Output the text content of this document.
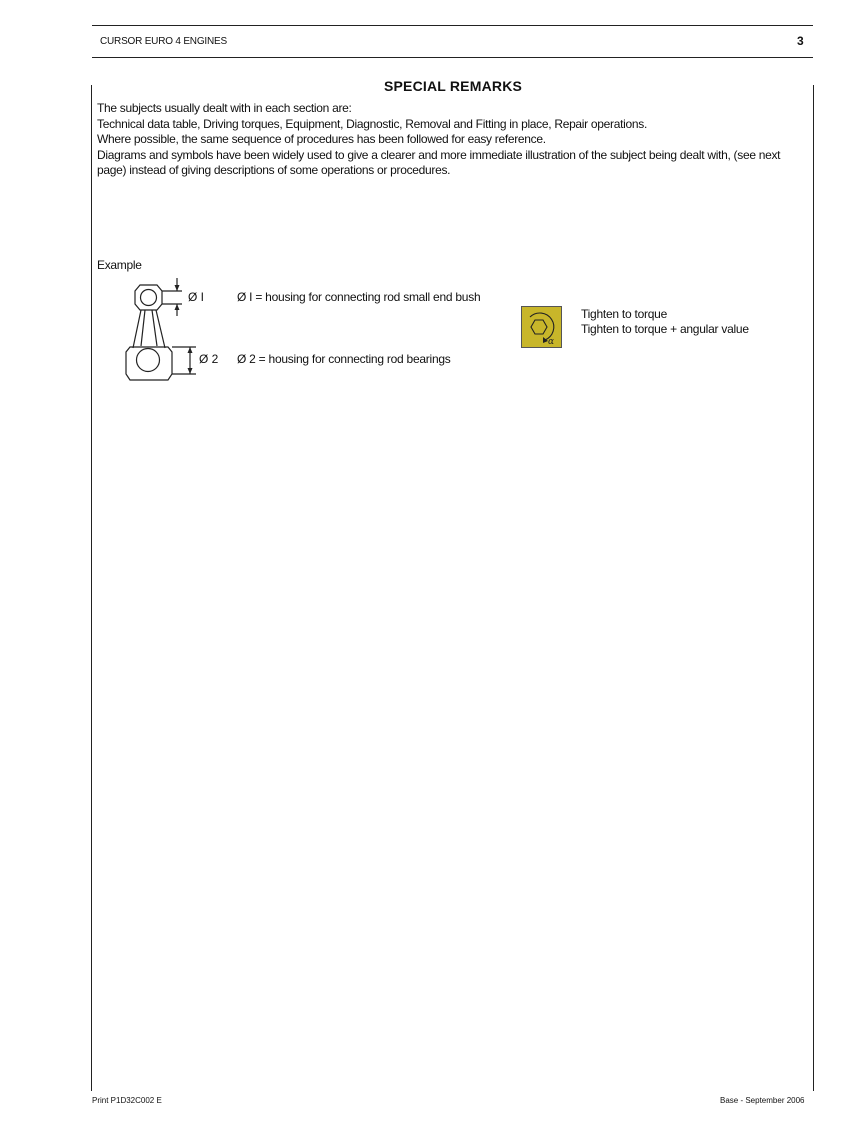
CURSOR EURO 4 ENGINES	3
SPECIAL REMARKS
The subjects usually dealt with in each section are:
Technical data table, Driving torques, Equipment, Diagnostic, Removal and Fitting in place, Repair operations.
Where possible, the same sequence of procedures has been followed for easy reference.
Diagrams and symbols have been widely used to give a clearer and more immediate illustration of the subject being dealt with, (see next page) instead of giving descriptions of some operations or procedures.
Example
Ø I
Ø 2
Ø I = housing for connecting rod small end bush
Ø 2 = housing for connecting rod bearings
α
Tighten to torque
Tighten to torque + angular value
Print P1D32C002 E	Base - September 2006
